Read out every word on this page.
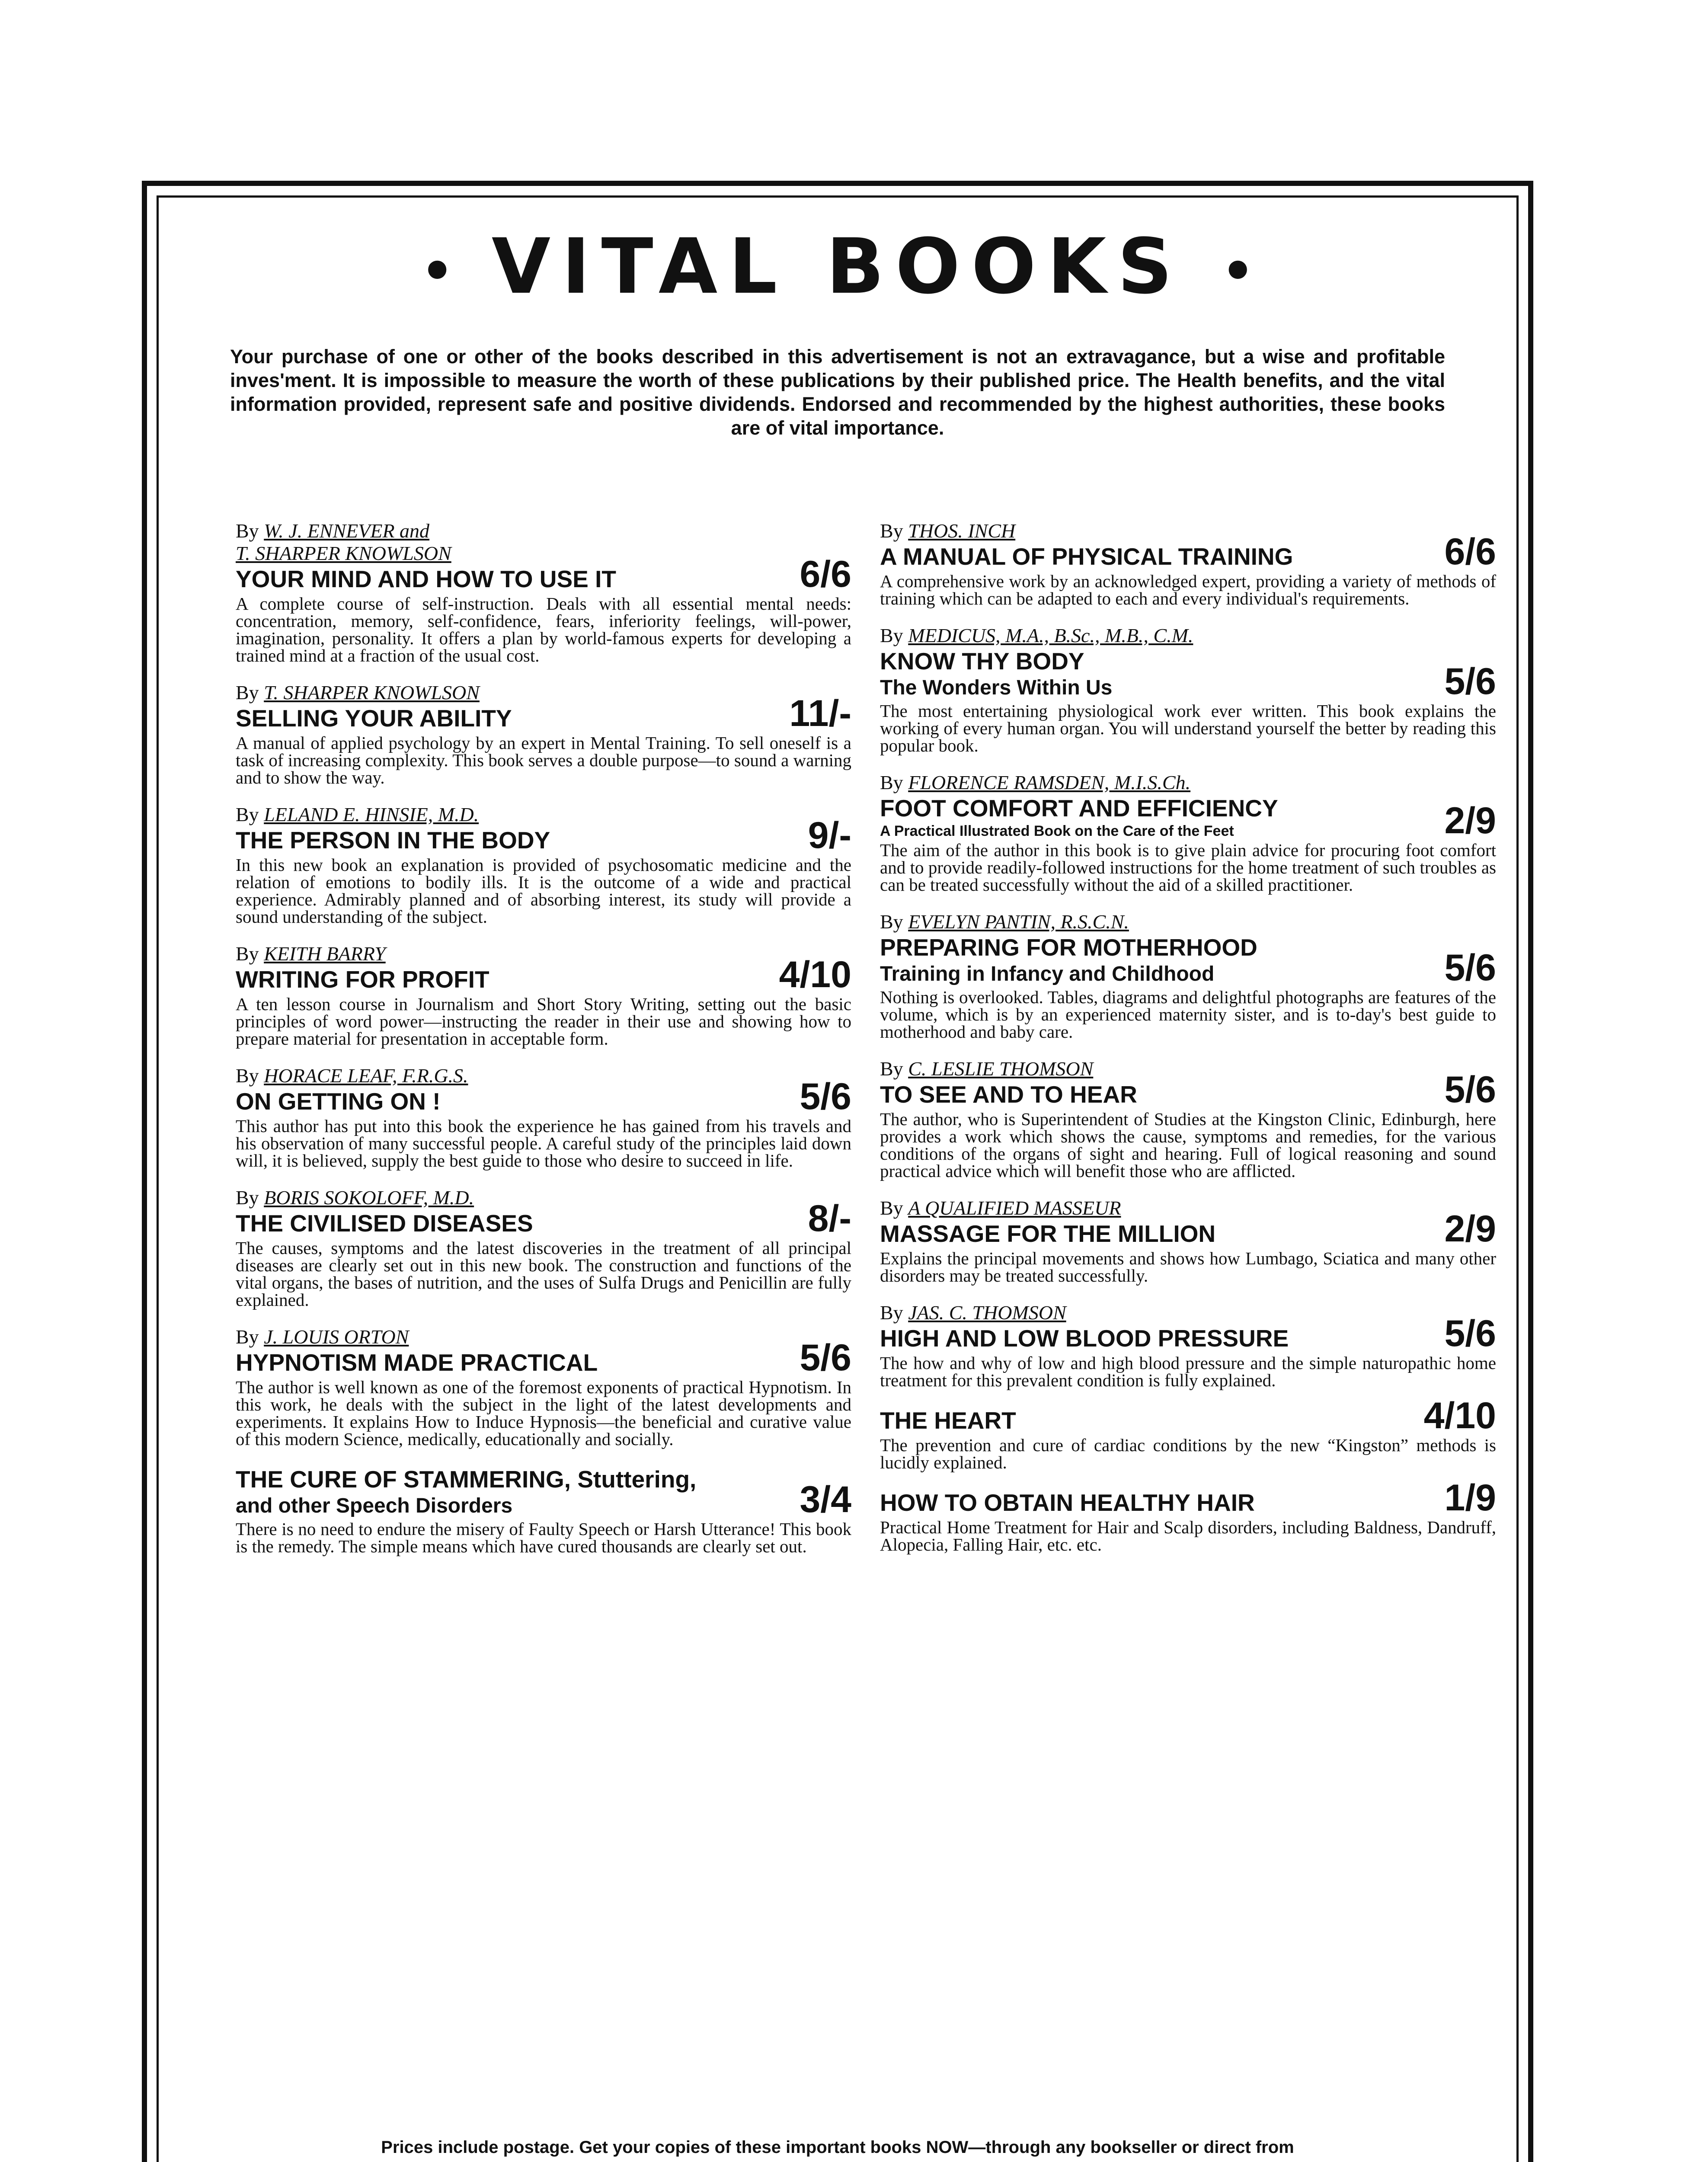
• VITAL BOOKS •
Your purchase of one or other of the books described in this advertisement is not an extravagance, but a wise and profitable inves'ment. It is impossible to measure the worth of these publications by their published price. The Health benefits, and the vital information provided, represent safe and positive dividends. Endorsed and recommended by the highest authorities, these books are of vital importance.
By W. J. ENNEVER and
T. SHARPER KNOWLSON
YOUR MIND AND HOW TO USE IT	6/6
A complete course of self-instruction. Deals with all essential mental needs: concentration, memory, self-confidence, fears, inferiority feelings, will-power, imagination, personality. It offers a plan by world-famous experts for developing a trained mind at a fraction of the usual cost.
By T. SHARPER KNOWLSON
SELLING YOUR ABILITY	11/-
A manual of applied psychology by an expert in Mental Training. To sell oneself is a task of increasing complexity. This book serves a double purpose—to sound a warning and to show the way.
By LELAND E. HINSIE, M.D.
THE PERSON IN THE BODY	9/-
In this new book an explanation is provided of psychosomatic medicine and the relation of emotions to bodily ills. It is the outcome of a wide and practical experience. Admirably planned and of absorbing interest, its study will provide a sound understanding of the subject.
By KEITH BARRY
WRITING FOR PROFIT	4/10
A ten lesson course in Journalism and Short Story Writing, setting out the basic principles of word power—instructing the reader in their use and showing how to prepare material for presentation in acceptable form.
By HORACE LEAF, F.R.G.S.
ON GETTING ON !	5/6
This author has put into this book the experience he has gained from his travels and his observation of many successful people. A careful study of the principles laid down will, it is believed, supply the best guide to those who desire to succeed in life.
By BORIS SOKOLOFF, M.D.
THE CIVILISED DISEASES	8/-
The causes, symptoms and the latest discoveries in the treatment of all principal diseases are clearly set out in this new book. The construction and functions of the vital organs, the bases of nutrition, and the uses of Sulfa Drugs and Penicillin are fully explained.
By J. LOUIS ORTON
HYPNOTISM MADE PRACTICAL	5/6
The author is well known as one of the foremost exponents of practical Hypnotism. In this work, he deals with the subject in the light of the latest developments and experiments. It explains How to Induce Hypnosis—the beneficial and curative value of this modern Science, medically, educationally and socially.
THE CURE OF STAMMERING, Stuttering,
and other Speech Disorders	3/4
There is no need to endure the misery of Faulty Speech or Harsh Utterance! This book is the remedy. The simple means which have cured thousands are clearly set out.
By THOS. INCH
A MANUAL OF PHYSICAL TRAINING	6/6
A comprehensive work by an acknowledged expert, providing a variety of methods of training which can be adapted to each and every individual's requirements.
By MEDICUS, M.A., B.Sc., M.B., C.M.
KNOW THY BODY
The Wonders Within Us	5/6
The most entertaining physiological work ever written. This book explains the working of every human organ. You will understand yourself the better by reading this popular book.
By FLORENCE RAMSDEN, M.I.S.Ch.
FOOT COMFORT AND EFFICIENCY
A Practical Illustrated Book on the Care of the Feet	2/9
The aim of the author in this book is to give plain advice for procuring foot comfort and to provide readily-followed instructions for the home treatment of such troubles as can be treated successfully without the aid of a skilled practitioner.
By EVELYN PANTIN, R.S.C.N.
PREPARING FOR MOTHERHOOD
Training in Infancy and Childhood	5/6
Nothing is overlooked. Tables, diagrams and delightful photographs are features of the volume, which is by an experienced maternity sister, and is to-day's best guide to motherhood and baby care.
By C. LESLIE THOMSON
TO SEE AND TO HEAR	5/6
The author, who is Superintendent of Studies at the Kingston Clinic, Edinburgh, here provides a work which shows the cause, symptoms and remedies, for the various conditions of the organs of sight and hearing. Full of logical reasoning and sound practical advice which will benefit those who are afflicted.
By A QUALIFIED MASSEUR
MASSAGE FOR THE MILLION	2/9
Explains the principal movements and shows how Lumbago, Sciatica and many other disorders may be treated successfully.
By JAS. C. THOMSON
HIGH AND LOW BLOOD PRESSURE	5/6
The how and why of low and high blood pressure and the simple naturopathic home treatment for this prevalent condition is fully explained.
THE HEART	4/10
The prevention and cure of cardiac conditions by the new “Kingston” methods is lucidly explained.
HOW TO OBTAIN HEALTHY HAIR	1/9
Practical Home Treatment for Hair and Scalp disorders, including Baldness, Dandruff, Alopecia, Falling Hair, etc. etc.
Prices include postage. Get your copies of these important books NOW—through any bookseller or direct from
